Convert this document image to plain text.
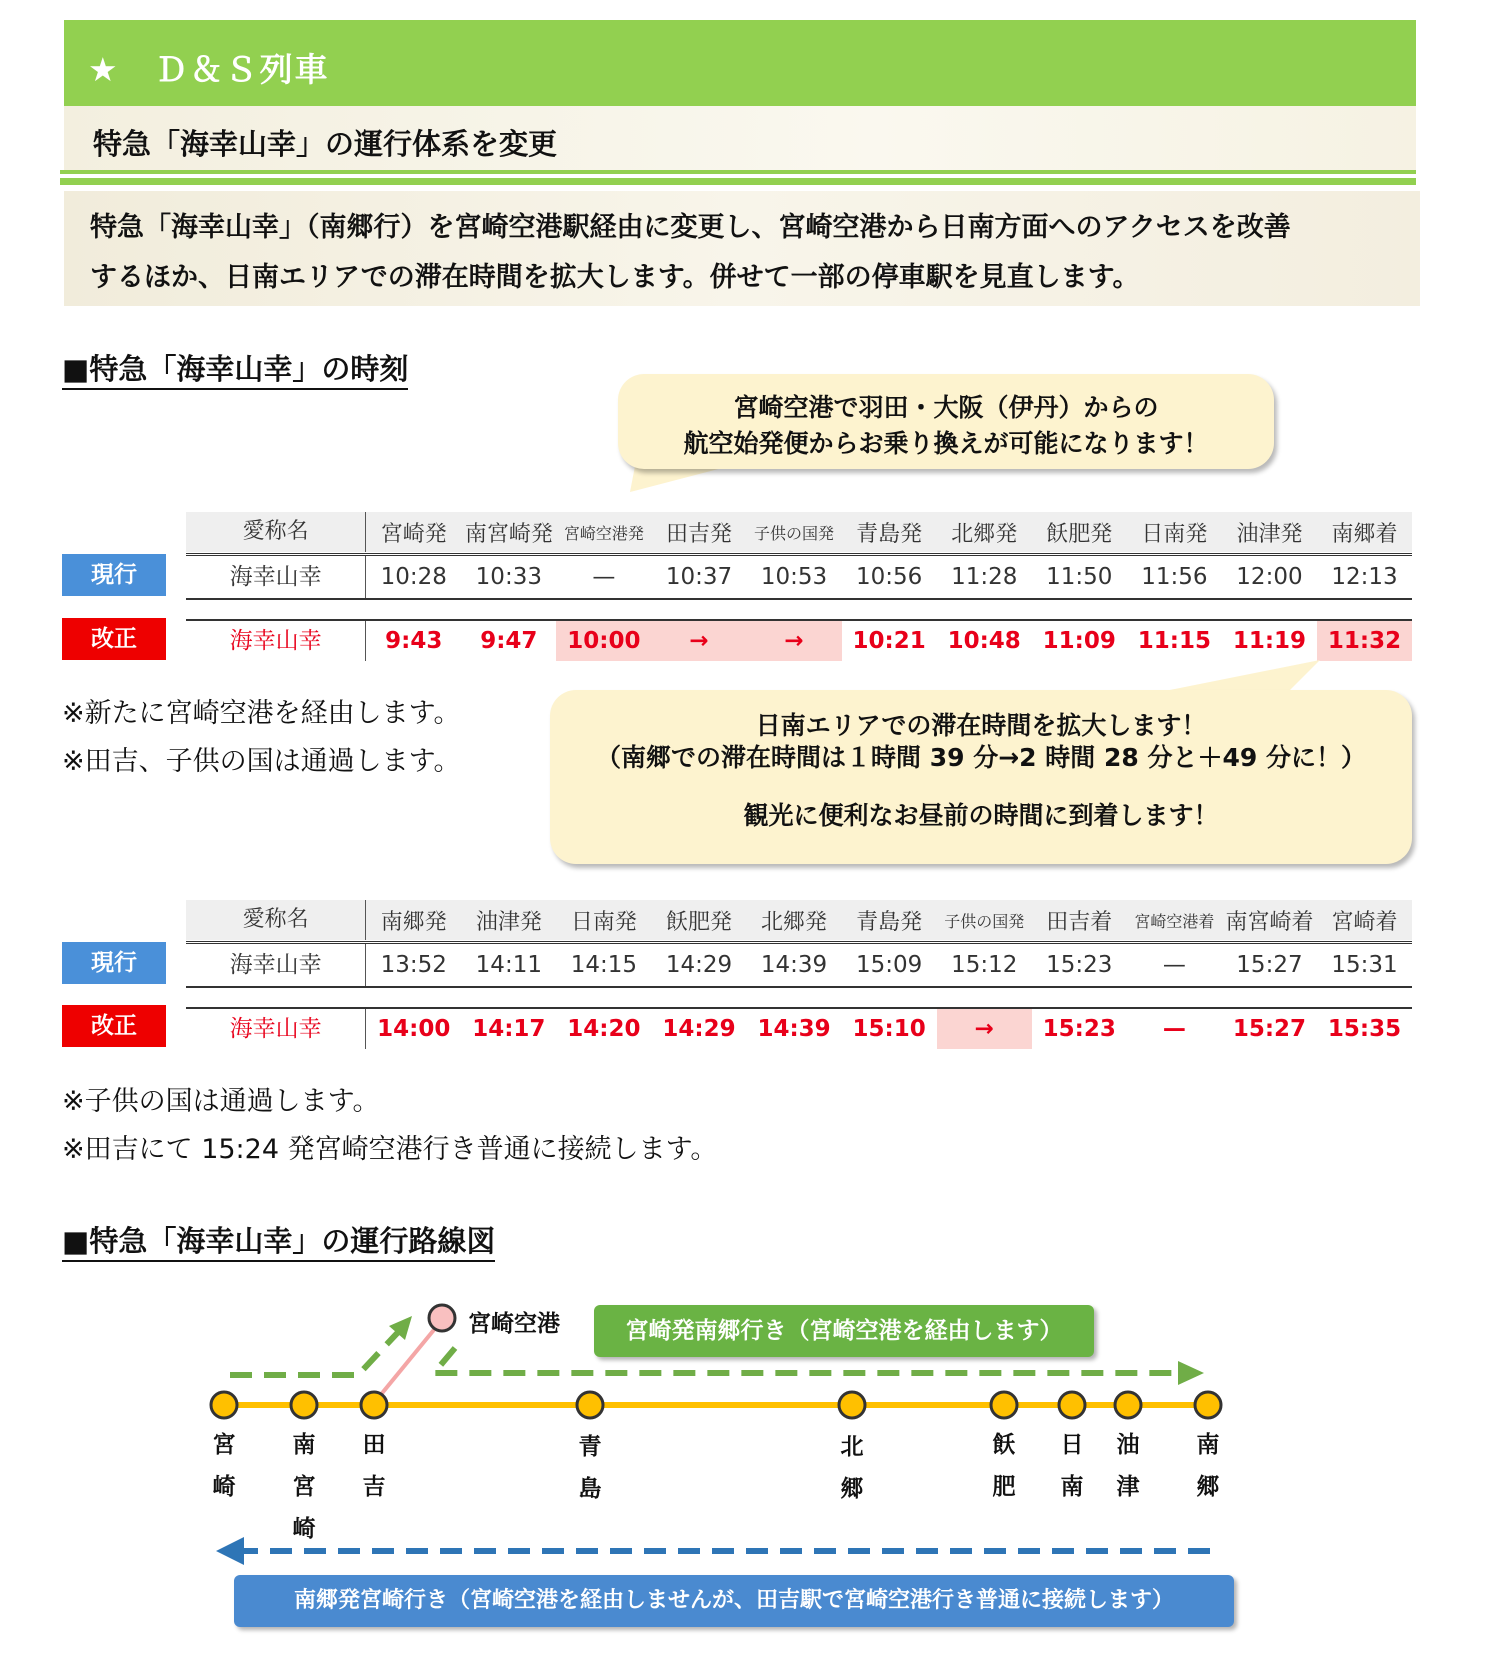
★　Ｄ＆Ｓ列車
特急「海幸山幸」の運行体系を変更
特急「海幸山幸」（南郷行）を宮崎空港駅経由に変更し、宮崎空港から日南方面へのアクセスを改善
するほか、日南エリアでの滞在時間を拡大します。併せて一部の停車駅を見直します。
■特急「海幸山幸」の時刻
宮崎空港で羽田・大阪（伊丹）からの
航空始発便からお乗り換えが可能になります！
愛称名	宮崎発 南宮崎発 宮崎空港発	田吉発	子供の国発	青島発	北郷発	飫肥発	日南発	油津発	南郷着
海幸山幸	10:28	10:33	—	10:37	10:53	10:56	11:28	11:50	11:56	12:00	12:13
海幸山幸	9:43	9:47	10:00	→	→	10:21 10:48 11:09 11:15 11:19 11:32
現行
改正
※新たに宮崎空港を経由します。
※田吉、子供の国は通過します。
日南エリアでの滞在時間を拡大します！
（南郷での滞在時間は１時間 39 分→2 時間 28 分と＋49 分に！）
観光に便利なお昼前の時間に到着します！
愛称名	南郷発	油津発	日南発	飫肥発	北郷発	青島発	子供の国発	田吉着	宮崎空港着 南宮崎着 宮崎着
海幸山幸	13:52	14:11	14:15	14:29	14:39	15:09	15:12	15:23	—	15:27	15:31
海幸山幸	14:00 14:17 14:20 14:29 14:39 15:10	→	15:23	—	15:27 15:35
現行
改正
※子供の国は通過します。
※田吉にて 15:24 発宮崎空港行き普通に接続します。
■特急「海幸山幸」の運行路線図
宮崎空港	宮崎発南郷行き（宮崎空港を経由します）
南郷発宮崎行き（宮崎空港を経由しませんが、田吉駅で宮崎空港行き普通に接続します）
宮
崎
南
宮
崎
田
吉
青
島
北
郷
飫
肥
日
南
油
津
南
郷
